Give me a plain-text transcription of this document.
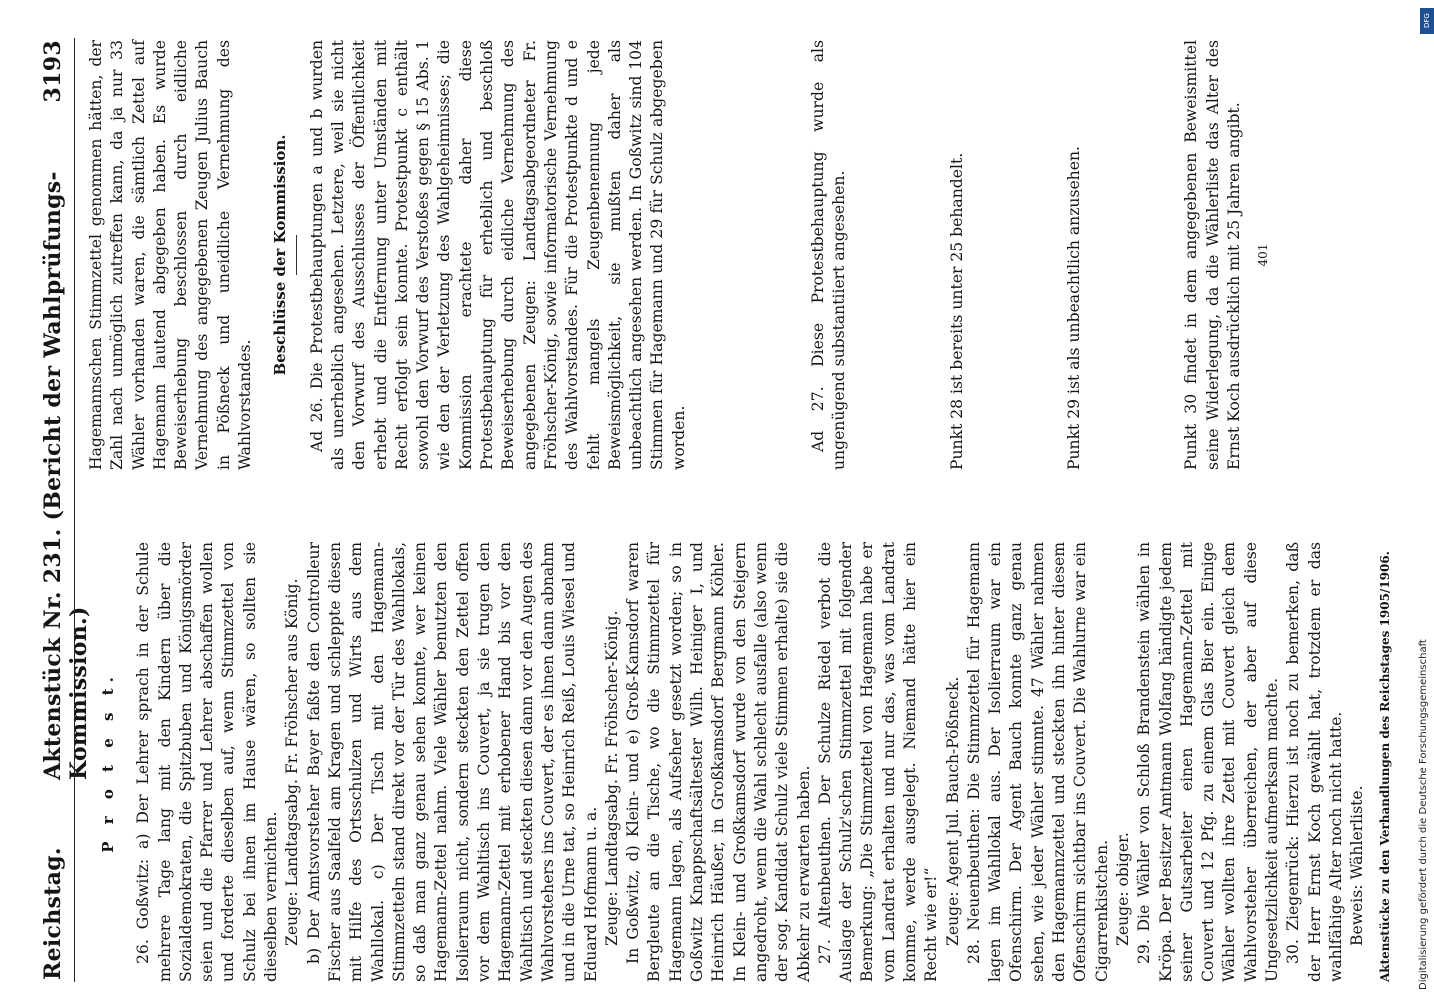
Reichstag.
Aktenstück Nr. 231. (Bericht der Wahlprüfungs-Kommission.)
3193
P r o t e s t. 26. Goßwitz: a) Der Lehrer sprach in der Schule mehrere Tage lang mit den Kindern über die Sozialdemokraten, die Spitzbuben und Königsmörder seien und die Pfarrer und Lehrer abschaffen wollen und forderte dieselben auf, wenn Stimmzettel von Schulz bei ihnen im Hause wären, so sollten sie dieselben vernichten. Zeuge: Landtagsabg. Fr. Fröhscher aus König. b) Der Amtsvorsteher Bayer faßte den Controlleur Fischer aus Saalfeld am Kragen und schleppte diesen mit Hilfe des Ortsschulzen und Wirts aus dem Wahllokal. c) Der Tisch mit den Hagemann-Stimmzetteln stand direkt vor der Tür des Wahllokals, so daß man ganz genau sehen konnte, wer keinen Hagemann-Zettel nahm. Viele Wähler benutzten den Isolierraum nicht, sondern steckten den Zettel offen vor dem Wahltisch ins Couvert, ja sie trugen den Hagemann-Zettel mit erhobener Hand bis vor den Wahltisch und steckten diesen dann vor den Augen des Wahlvorstehers ins Couvert, der es ihnen dann abnahm und in die Urne tat, so Heinrich Reiß, Louis Wiesel und Eduard Hofmann u. a. Zeuge: Landtagsabg. Fr. Fröhscher-König. In Goßwitz, d) Klein- und e) Groß-Kamsdorf waren Bergleute an die Tische, wo die Stimmzettel für Hagemann lagen, als Aufseher gesetzt worden; so in Goßwitz Knappschaftsältester Wilh. Heiniger I, und Heinrich Häußer, in Großkamsdorf Bergmann Köhler. In Klein- und Großkamsdorf wurde von den Steigern angedroht, wenn die Wahl schlecht ausfalle (also wenn der sog. Kandidat Schulz viele Stimmen erhalte) sie die Abkehr zu erwarten haben. 27. Altenbeuthen. Der Schulze Riedel verbot die Auslage der Schulz'schen Stimmzettel mit folgender Bemerkung: „Die Stimmzettel von Hagemann habe er vom Landrat erhalten und nur das, was vom Landrat komme, werde ausgelegt. Niemand hätte hier ein Recht wie er!“ Zeuge: Agent Jul. Bauch-Pößneck. 28. Neuenbeuthen: Die Stimmzettel für Hagemann lagen im Wahllokal aus. Der Isolierraum war ein Ofenschirm. Der Agent Bauch konnte ganz genau sehen, wie jeder Wähler stimmte. 47 Wähler nahmen den Hagemannzettel und steckten ihn hinter diesem Ofenschirm sichtbar ins Couvert. Die Wahlurne war ein Cigarrenkistchen. Zeuge: obiger. 29. Die Wähler von Schloß Brandenstein wählen in Kröpa. Der Besitzer Amtmann Wolfang händigte jedem seiner Gutsarbeiter einen Hagemann-Zettel mit Couvert und 12 Pfg. zu einem Glas Bier ein. Einige Wähler wollten ihre Zettel mit Couvert gleich dem Wahlvorsteher überreichen, der aber auf diese Ungesetzlichkeit aufmerksam machte. 30. Ziegenrück: Hierzu ist noch zu bemerken, daß der Herr Ernst Koch gewählt hat, trotzdem er das wahlfähige Alter noch nicht hatte. Beweis: Wählerliste. Aktenstücke zu den Verhandlungen des Reichstages 1905/1906.

Hagemannschen Stimmzettel genommen hätten, der Zahl nach unmöglich zutreffen kann, da ja nur 33 Wähler vorhanden waren, die sämtlich Zettel auf Hagemann lautend abgegeben haben. Es wurde Beweiserhebung beschlossen durch eidliche Vernehmung des angegebenen Zeugen Julius Bauch in Pößneck und uneidliche Vernehmung des Wahlvorstandes.

Beschlüsse der Kommission. Ad 26. Die Protestbehauptungen a und b wurden als unerheblich angesehen. Letztere, weil sie nicht den Vorwurf des Ausschlusses der Öffentlichkeit erhebt und die Entfernung unter Umständen mit Recht erfolgt sein konnte. Protestpunkt c enthält sowohl den Vorwurf des Verstoßes gegen § 15 Abs. 1 wie den der Verletzung des Wahlgeheimnisses; die Kommission erachtete daher diese Protestbehauptung für erheblich und beschloß Beweiserhebung durch eidliche Vernehmung des angegebenen Zeugen: Landtagsabgeordneter Fr. Fröhscher-König, sowie informatorische Vernehmung des Wahlvorstandes. Für die Protestpunkte d und e fehlt mangels Zeugenbenennung jede Beweismöglichkeit, sie mußten daher als unbeachtlich angesehen werden. In Goßwitz sind 104 Stimmen für Hagemann und 29 für Schulz abgegeben worden.	Ad 27. Diese Protestbehauptung wurde als ungenügend substantiiert angesehen.	Punkt 28 ist bereits unter 25 behandelt.	Punkt 29 ist als unbeachtlich anzusehen.	Punkt 30 findet in dem angegebenen Beweismittel seine Widerlegung, da die Wählerliste das Alter des Ernst Koch ausdrücklich mit 25 Jahren angibt. 401
Digitalisierung gefördert durch die Deutsche Forschungsgemeinschaft
DFG
